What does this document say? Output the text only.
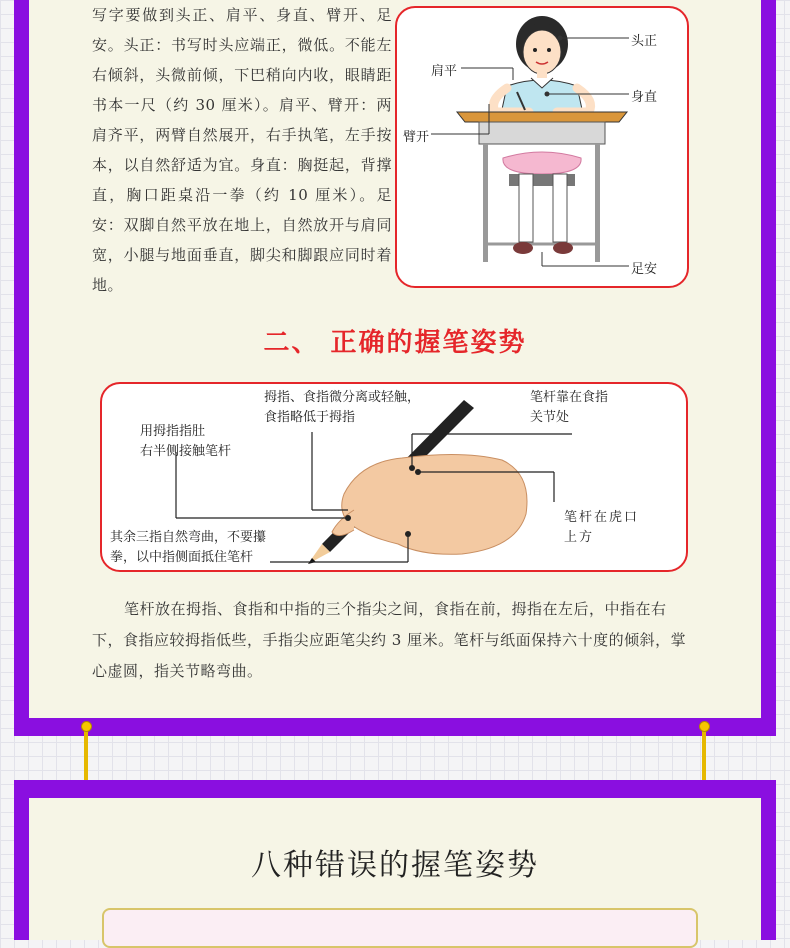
写字要做到头正、肩平、身直、臂开、足安。头正：书写时头应端正，微低。不能左右倾斜，头微前倾，下巴稍向内收，眼睛距书本一尺（约 30 厘米）。肩平、臂开：两肩齐平，两臂自然展开，右手执笔，左手按本，以自然舒适为宜。身直：胸挺起，背撑直，胸口距桌沿一拳（约 10 厘米）。足安：双脚自然平放在地上，自然放开与肩同宽，小腿与地面垂直，脚尖和脚跟应同时着地。

头正
肩平
身直
臂开
足安
二、 正确的握笔姿势
用拇指指肚
右半侧接触笔杆
拇指、食指微分离或轻触，
食指略低于拇指
笔杆靠在食指
关节处
笔杆在虎口
上方
其余三指自然弯曲，不要攥
拳，以中指侧面抵住笔杆

笔杆放在拇指、食指和中指的三个指尖之间，食指在前，拇指在左后，中指在右下，食指应较拇指低些，手指尖应距笔尖约 3 厘米。笔杆与纸面保持六十度的倾斜，掌心虚圆，指关节略弯曲。

八种错误的握笔姿势
